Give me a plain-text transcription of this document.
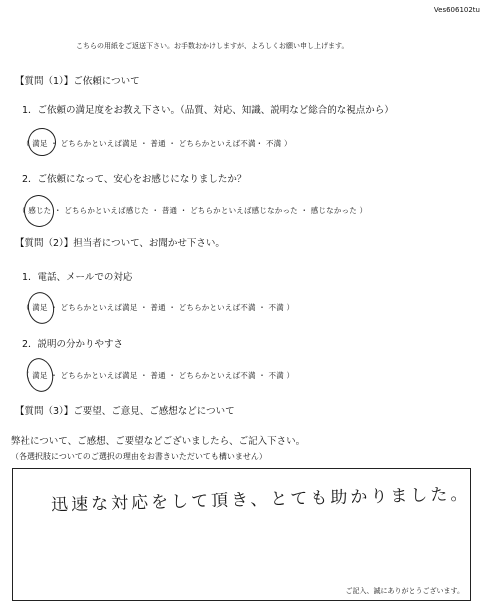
Ves606102tu
こちらの用紙をご返送下さい。お手数おかけしますが、よろしくお願い申し上げます。
【質問（1）】ご依頼について
1．ご依頼の満足度をお教え下さい。（品質、対応、知識、説明など総合的な視点から）
（ 満足 ・ どちらかといえば満足 ・ 普通 ・ どちらかといえば不満・ 不満 ）
2．ご依頼になって、安心をお感じになりましたか？
（ 感じた ・ どちらかといえば感じた ・ 普通 ・ どちらかといえば感じなかった ・ 感じなかった ）
【質問（2）】担当者について、お聞かせ下さい。
1．電話、メールでの対応
（ 満足 ・ どちらかといえば満足 ・ 普通 ・ どちらかといえば不満 ・ 不満 ）
2．説明の分かりやすさ
（ 満足 ・ どちらかといえば満足 ・ 普通 ・ どちらかといえば不満 ・ 不満 ）
【質問（3）】ご要望、ご意見、ご感想などについて
弊社について、ご感想、ご要望などございましたら、ご記入下さい。
（各選択肢についてのご選択の理由をお書きいただいても構いません）
迅速な対応をして頂き、とても助かりました。
ご記入、誠にありがとうございます。
